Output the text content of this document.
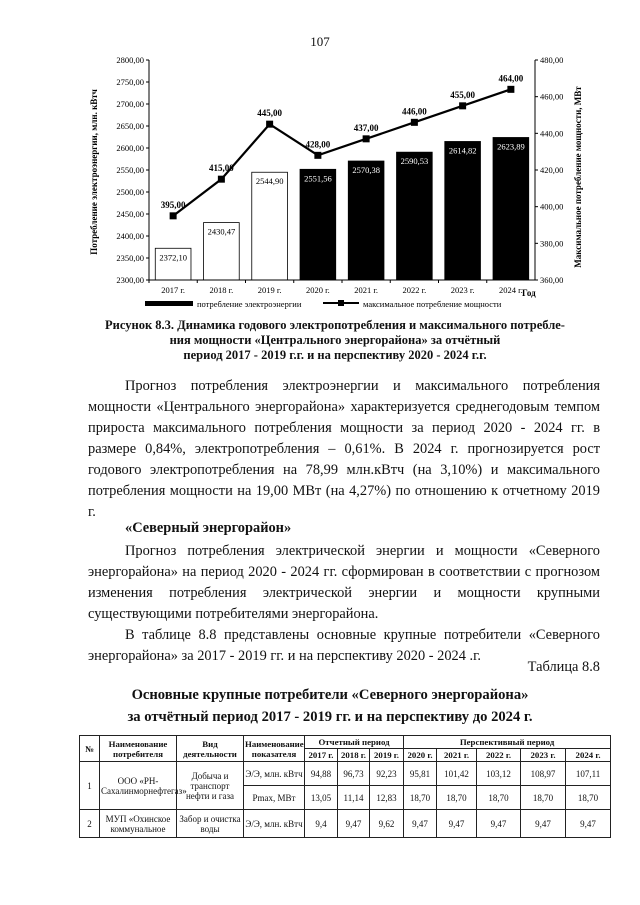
107
2372,10
2430,47
2544,90 2551,56
2570,38
2590,53
2614,82 2623,89
395,00
415,00
445,00
428,00
437,00
446,00
455,00
464,00
2300,00
2350,00
2400,00
2450,00
2500,00
2550,00
2600,00
2650,00
2700,00
2750,00
2800,00
360,00
380,00
400,00
420,00
440,00
460,00
480,00
2017 г.	2018 г.	2019 г.	2020 г.	2021 г.	2022 г.	2023 г.	2024 г.
Потребление электроэнергии, млн. кВтч	Максимальное потребление мощности, МВт
Год
потребление электроэнергии	максимальное потребление мощности
Рисунок 8.3. Динамика годового электропотребления и максимального потребле-
ния мощности «Центрального энергорайона» за отчётный
период 2017 - 2019 г.г. и на перспективу 2020 - 2024 г.г.

Прогноз потребления электроэнергии и максимального потребления мощности «Центрального энергорайона» характеризуется среднегодовым темпом прироста максимального потребления мощности за период 2020 - 2024 гг. в размере 0,84%, электропотребления – 0,61%. В 2024 г. прогнозируется рост годового электропотребления на 78,99 млн.кВтч (на 3,10%) и максимального потребления мощности на 19,00 МВт (на 4,27%) по отношению к отчетному 2019 г.

«Северный энергорайон»

Прогноз потребления электрической энергии и мощности «Северного энергорайона» на период 2020 - 2024 гг. сформирован в соответствии с прогнозом изменения потребления электрической энергии и мощности крупными существующими потребителями энергорайона.

В таблице 8.8 представлены основные крупные потребители «Северного энергорайона» за 2017 - 2019 гг. и на перспективу 2020 - 2024 .г.

Таблица 8.8
Основные крупные потребители «Северного энергорайона»
за отчётный период 2017 - 2019 гг. и на перспективу до 2024 г.
№	Наименование потребителя	Вид деятельности	Наименование показателя	Отчетный период			Перспективный период				
				2017 г.	2018 г.	2019 г.	2020 г.	2021 г.	2022 г.	2023 г.	2024 г.
1	ООО «РН-Сахалинморнефтегаз»	Добыча и транспорт нефти и газа	Э/Э, млн. кВтч	94,88	96,73	92,23	95,81	101,42	103,12	108,97	107,11
			Pmax, МВт	13,05	11,14	12,83	18,70	18,70	18,70	18,70	18,70
2	МУП «Охинское коммунальное	Забор и очистка воды	Э/Э, млн. кВтч	9,4	9,47	9,62	9,47	9,47	9,47	9,47	9,47
